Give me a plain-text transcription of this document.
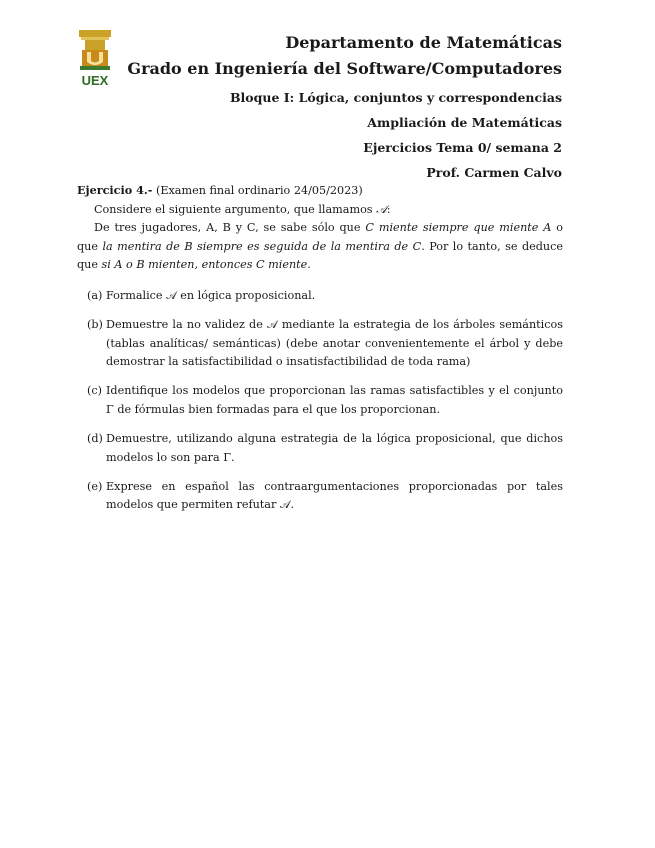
UEX
Departamento de Matemáticas
Grado en Ingeniería del Software/Computadores
Bloque I: Lógica, conjuntos y correspondencias
Ampliación de Matemáticas
Ejercicios Tema 0/ semana 2
Prof. Carmen Calvo

Ejercicio 4.- (Examen final ordinario 24/05/2023)

Considere el siguiente argumento, que llamamos 𝒜:

De tres jugadores, A, B y C, se sabe sólo que C miente siempre que miente A o que la mentira de B siempre es seguida de la mentira de C. Por lo tanto, se deduce que si A o B mienten, entonces C miente.

(a) Formalice 𝒜 en lógica proposicional.
(b) Demuestre la no validez de 𝒜 mediante la estrategia de los árboles semánticos (tablas analíticas/ semánticas) (debe anotar convenientemente el árbol y debe demostrar la satisfactibilidad o insatisfactibilidad de toda rama)
(c) Identifique los modelos que proporcionan las ramas satisfactibles y el conjunto Γ de fórmulas bien formadas para el que los proporcionan.
(d) Demuestre, utilizando alguna estrategia de la lógica proposicional, que dichos modelos lo son para Γ.
(e) Exprese en español las contraargumentaciones proporcionadas por tales modelos que permiten refutar 𝒜.
